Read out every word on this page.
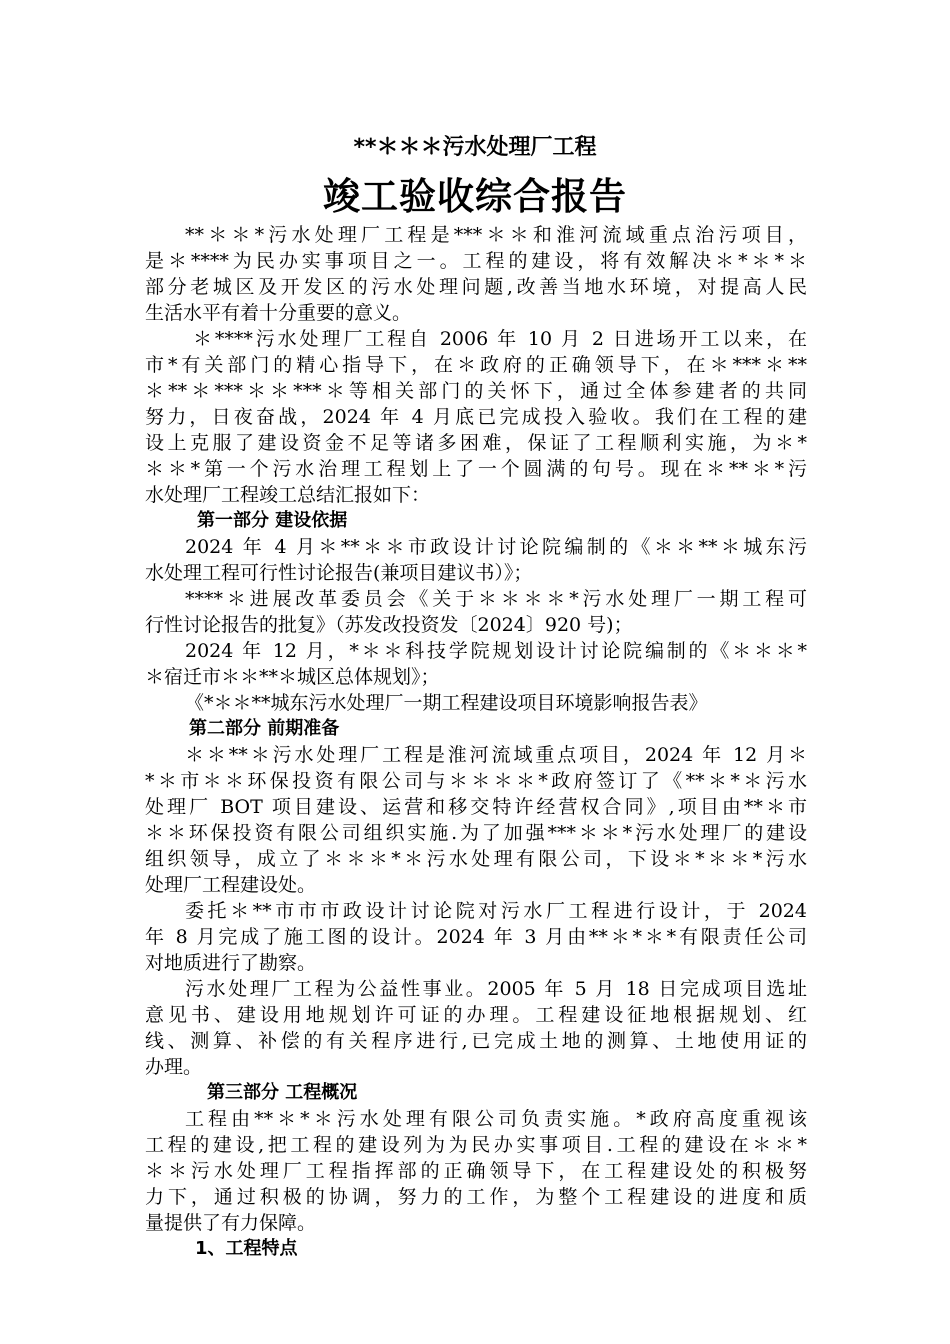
**＊＊＊污水处理厂工程
竣工验收综合报告
**＊＊*污水处理厂工程是***＊＊和淮河流域重点治污项目，
是＊****为民办实事项目之一。工程的建设，将有效解决＊*＊*＊
部分老城区及开发区的污水处理问题,改善当地水环境，对提高人民
生活水平有着十分重要的意义。
＊****污水处理厂工程自 2006 年 10 月 2 日进场开工以来，在
市*有关部门的精心指导下，在＊政府的正确领导下，在＊***＊**
＊**＊***＊＊***＊等相关部门的关怀下，通过全体参建者的共同
努力，日夜奋战，2024 年 4 月底已完成投入验收。我们在工程的建
设上克服了建设资金不足等诸多困难，保证了工程顺利实施，为＊*
＊＊*第一个污水治理工程划上了一个圆满的句号。现在＊**＊*污
水处理厂工程竣工总结汇报如下：
第一部分 建设依据
2024 年 4 月＊**＊＊市政设计讨论院编制的《＊＊**＊城东污
水处理工程可行性讨论报告(兼项目建议书）》；
****＊进展改革委员会《关于＊＊＊＊*污水处理厂一期工程可
行性讨论报告的批复》（苏发改投资发〔2024〕920 号)；
2024 年 12 月，*＊＊科技学院规划设计讨论院编制的《＊＊＊*
＊宿迁市＊＊**＊城区总体规划》；
《*＊＊**城东污水处理厂一期工程建设项目环境影响报告表》
第二部分 前期准备
＊＊**＊污水处理厂工程是淮河流域重点项目，2024 年 12 月＊
*＊市＊＊环保投资有限公司与＊＊＊＊*政府签订了《**＊*＊污水
处理厂 BOT 项目建设、运营和移交特许经营权合同》,项目由**＊市
＊＊环保投资有限公司组织实施.为了加强***＊＊*污水处理厂的建设
组织领导，成立了＊＊＊*＊污水处理有限公司，下设＊*＊＊*污水
处理厂工程建设处。
委托＊**市市市政设计讨论院对污水厂工程进行设计，于 2024
年 8 月完成了施工图的设计。2024 年 3 月由**＊*＊*有限责任公司
对地质进行了勘察。
污水处理厂工程为公益性事业。2005 年 5 月 18 日完成项目选址
意见书、建设用地规划许可证的办理。工程建设征地根据规划、红
线、测算、补偿的有关程序进行,已完成土地的测算、土地使用证的
办理。
第三部分 工程概况
工程由**＊*＊污水处理有限公司负责实施。*政府高度重视该
工程的建设,把工程的建设列为为民办实事项目.工程的建设在＊＊*
＊＊污水处理厂工程指挥部的正确领导下，在工程建设处的积极努
力下，通过积极的协调，努力的工作，为整个工程建设的进度和质
量提供了有力保障。
1、工程特点
